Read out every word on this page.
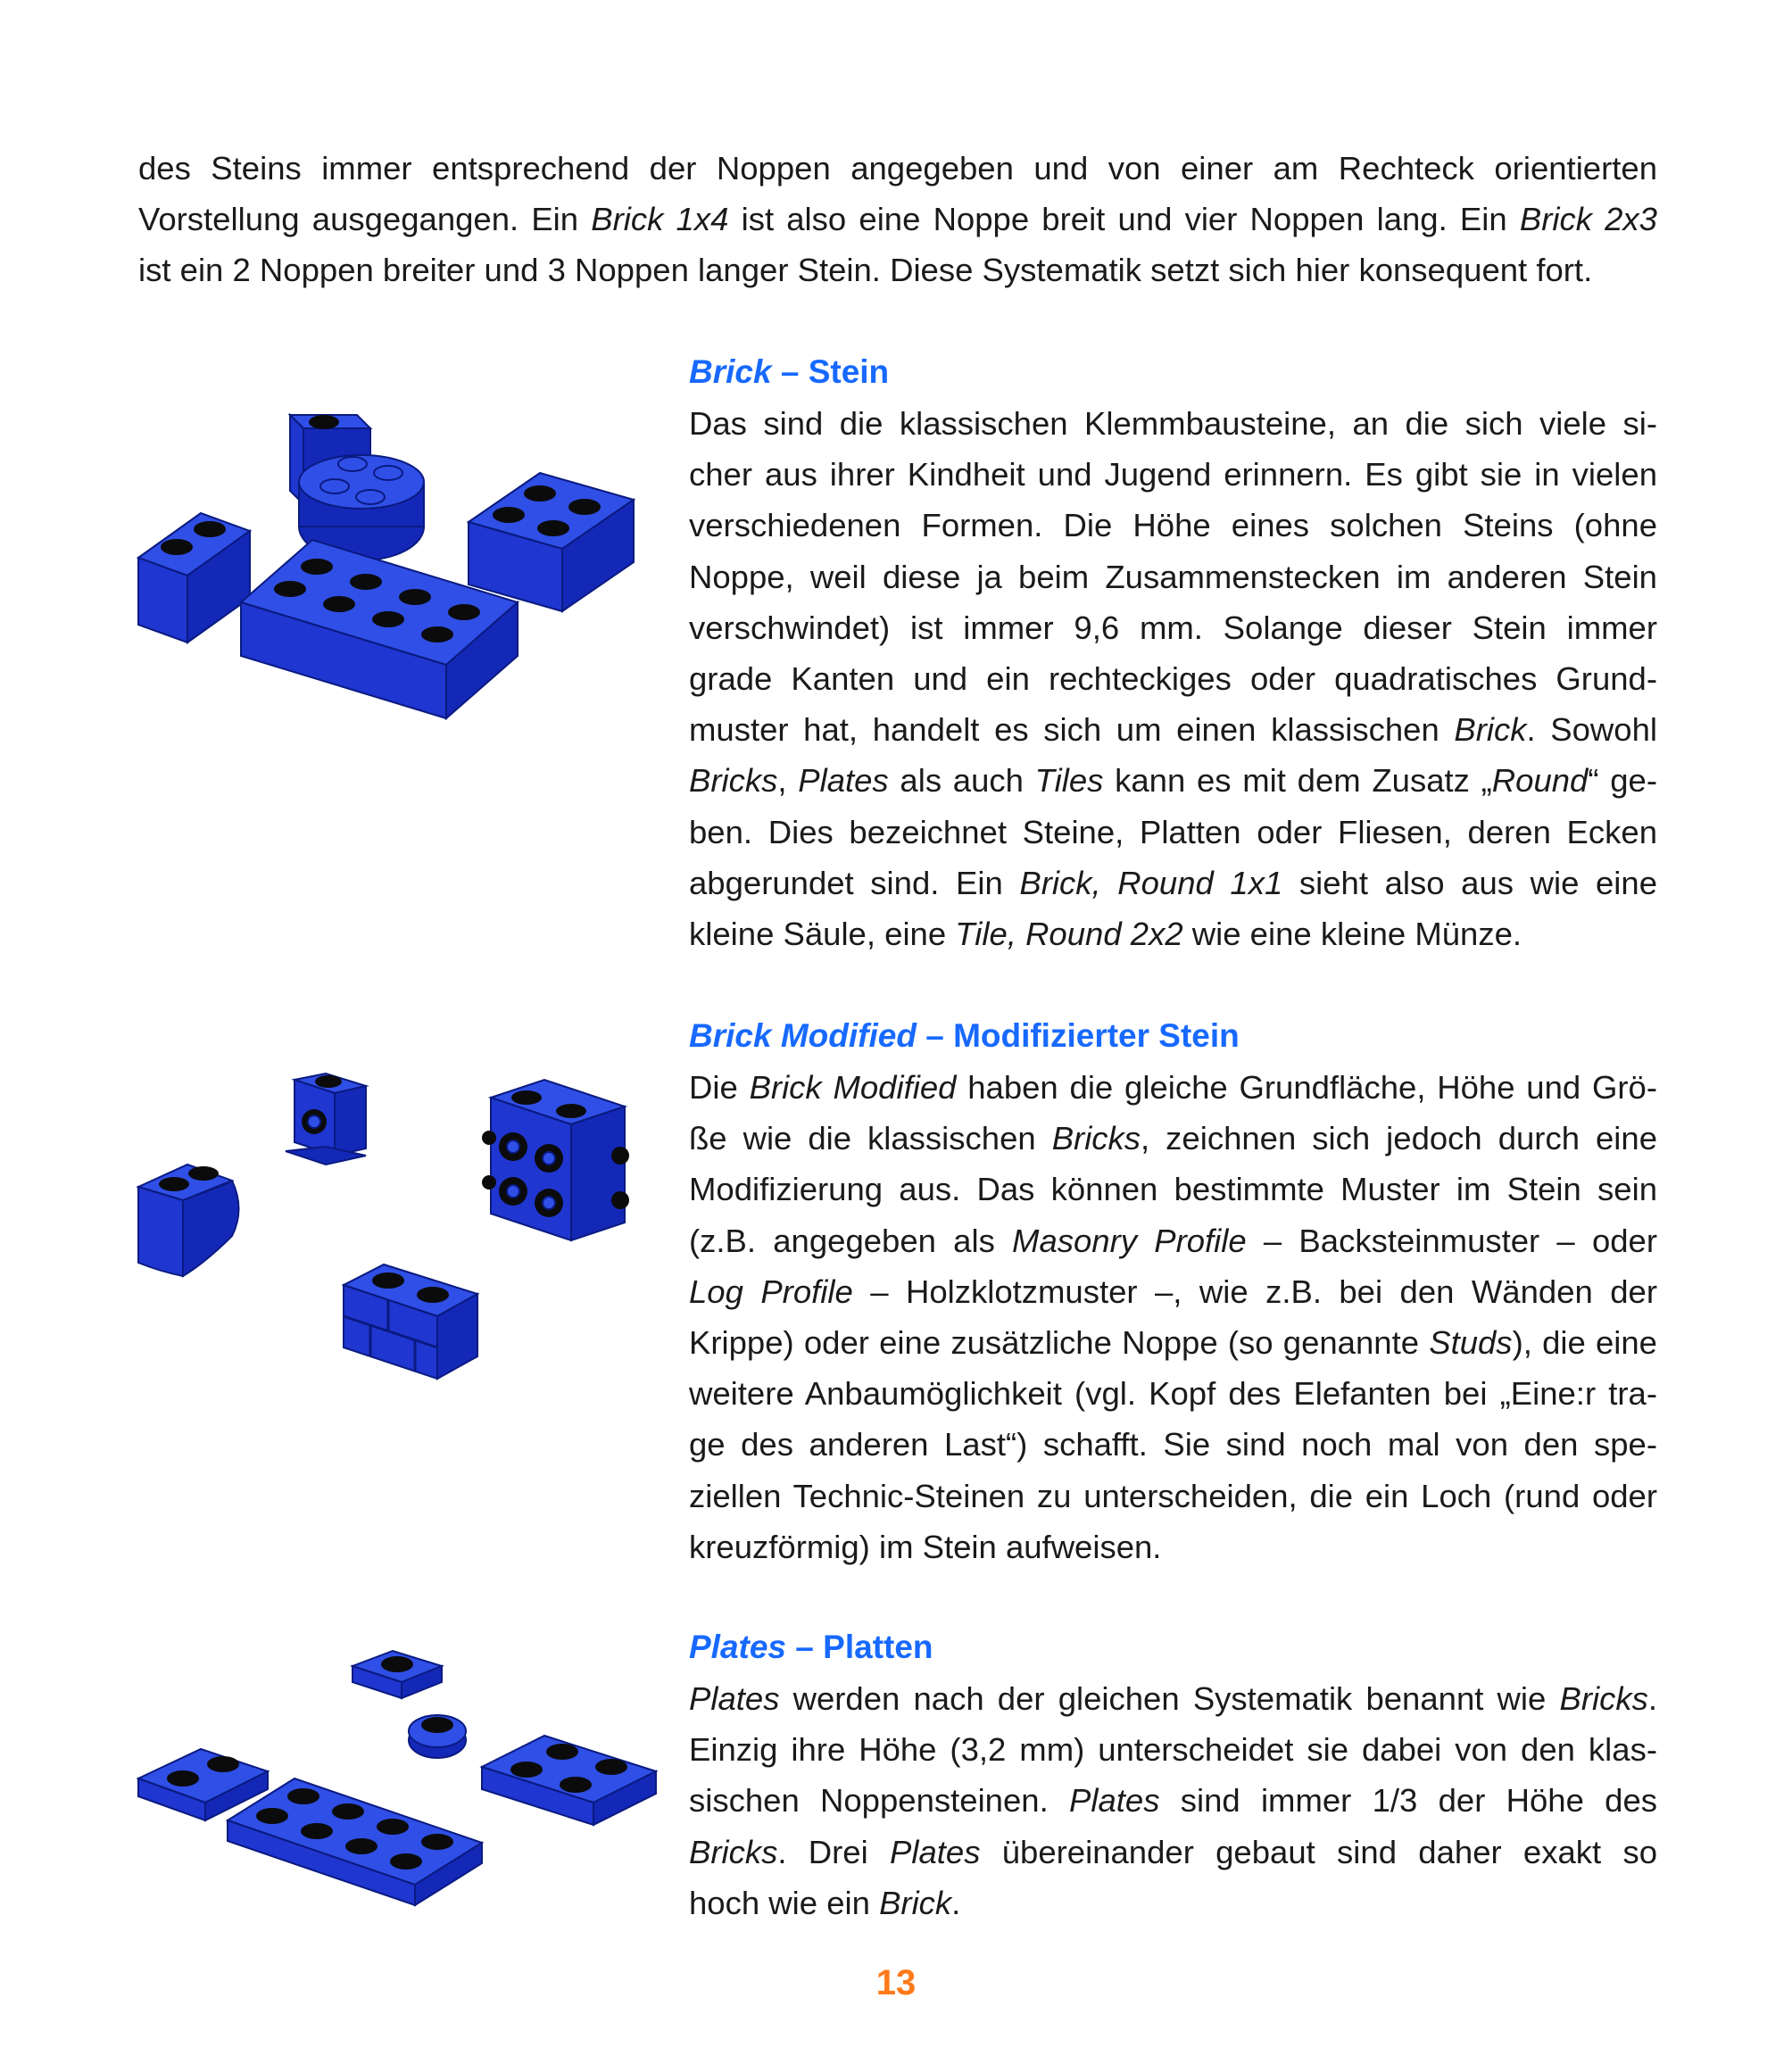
des Steins immer entsprechend der Noppen angegeben und von einer am Rechteck orientierten
Vorstellung ausgegangen. Ein Brick 1x4 ist also eine Noppe breit und vier Noppen lang. Ein Brick 2x3
ist ein 2 Noppen breiter und 3 Noppen langer Stein. Diese Systematik setzt sich hier konsequent fort.
Brick – Stein
Das sind die klassischen Klemmbausteine, an die sich viele si-
cher aus ihrer Kindheit und Jugend erinnern. Es gibt sie in vielen
verschiedenen Formen. Die Höhe eines solchen Steins (ohne
Noppe, weil diese ja beim Zusammenstecken im anderen Stein
verschwindet) ist immer 9,6 mm. Solange dieser Stein immer
grade Kanten und ein rechteckiges oder quadratisches Grund-
muster hat, handelt es sich um einen klassischen Brick. Sowohl
Bricks, Plates als auch Tiles kann es mit dem Zusatz „Round“ ge-
ben. Dies bezeichnet Steine, Platten oder Fliesen, deren Ecken
abgerundet sind. Ein Brick, Round 1x1 sieht also aus wie eine
kleine Säule, eine Tile, Round 2x2 wie eine kleine Münze.
Brick Modified – Modifizierter Stein
Die Brick Modified haben die gleiche Grundfläche, Höhe und Grö-
ße wie die klassischen Bricks, zeichnen sich jedoch durch eine
Modifizierung aus. Das können bestimmte Muster im Stein sein
(z.B. angegeben als Masonry Profile – Backsteinmuster – oder
Log Profile – Holzklotzmuster –, wie z.B. bei den Wänden der
Krippe) oder eine zusätzliche Noppe (so genannte Studs), die eine
weitere Anbaumöglichkeit (vgl. Kopf des Elefanten bei „Eine:r tra-
ge des anderen Last“) schafft. Sie sind noch mal von den spe-
ziellen Technic-Steinen zu unterscheiden, die ein Loch (rund oder
kreuzförmig) im Stein aufweisen.
Plates – Platten
Plates werden nach der gleichen Systematik benannt wie Bricks.
Einzig ihre Höhe (3,2 mm) unterscheidet sie dabei von den klas-
sischen Noppensteinen. Plates sind immer 1/3 der Höhe des
Bricks. Drei Plates übereinander gebaut sind daher exakt so
hoch wie ein Brick.
13
